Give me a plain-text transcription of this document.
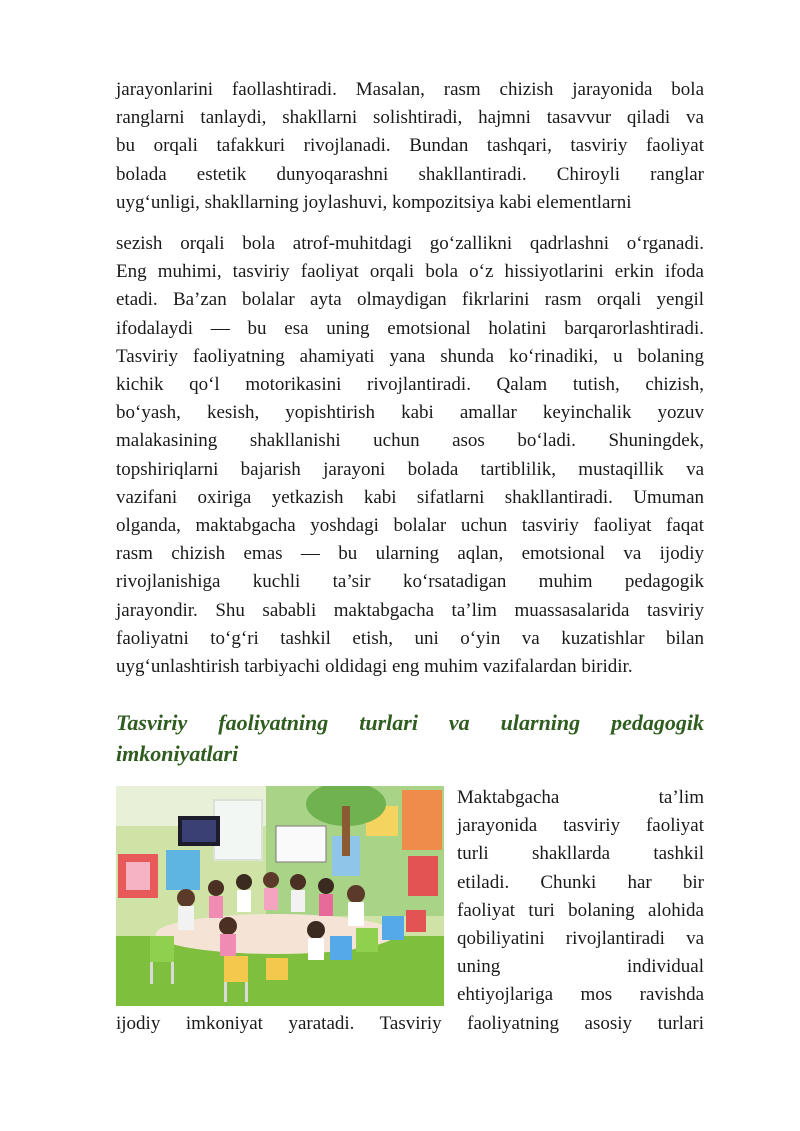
jarayonlarini faollashtiradi. Masalan, rasm chizish jarayonida bola
ranglarni tanlaydi, shakllarni solishtiradi, hajmni tasavvur qiladi va
bu orqali tafakkuri rivojlanadi. Bundan tashqari, tasviriy faoliyat
bolada estetik dunyoqarashni shakllantiradi. Chiroyli ranglar
uyg‘unligi, shakllarning joylashuvi, kompozitsiya kabi elementlarni
sezish orqali bola atrof-muhitdagi go‘zallikni qadrlashni o‘rganadi.
Eng muhimi, tasviriy faoliyat orqali bola o‘z hissiyotlarini erkin ifoda
etadi. Ba’zan bolalar ayta olmaydigan fikrlarini rasm orqali yengil
ifodalaydi — bu esa uning emotsional holatini barqarorlashtiradi.
Tasviriy faoliyatning ahamiyati yana shunda ko‘rinadiki, u bolaning
kichik qo‘l motorikasini rivojlantiradi. Qalam tutish, chizish,
bo‘yash, kesish, yopishtirish kabi amallar keyinchalik yozuv
malakasining shakllanishi uchun asos bo‘ladi. Shuningdek,
topshiriqlarni bajarish jarayoni bolada tartiblilik, mustaqillik va
vazifani oxiriga yetkazish kabi sifatlarni shakllantiradi. Umuman
olganda, maktabgacha yoshdagi bolalar uchun tasviriy faoliyat faqat
rasm chizish emas — bu ularning aqlan, emotsional va ijodiy
rivojlanishiga kuchli ta’sir ko‘rsatadigan muhim pedagogik
jarayondir. Shu sababli maktabgacha ta’lim muassasalarida tasviriy
faoliyatni to‘g‘ri tashkil etish, uni o‘yin va kuzatishlar bilan
uyg‘unlashtirish tarbiyachi oldidagi eng muhim vazifalardan biridir.
Tasviriy faoliyatning turlari va ularning pedagogik
imkoniyatlari
Maktabgacha ta’lim
jarayonida tasviriy faoliyat
turli shakllarda tashkil
etiladi. Chunki har bir
faoliyat turi bolaning alohida
qobiliyatini rivojlantiradi va
uning individual
ehtiyojlariga mos ravishda
ijodiy imkoniyat yaratadi. Tasviriy faoliyatning asosiy turlari
